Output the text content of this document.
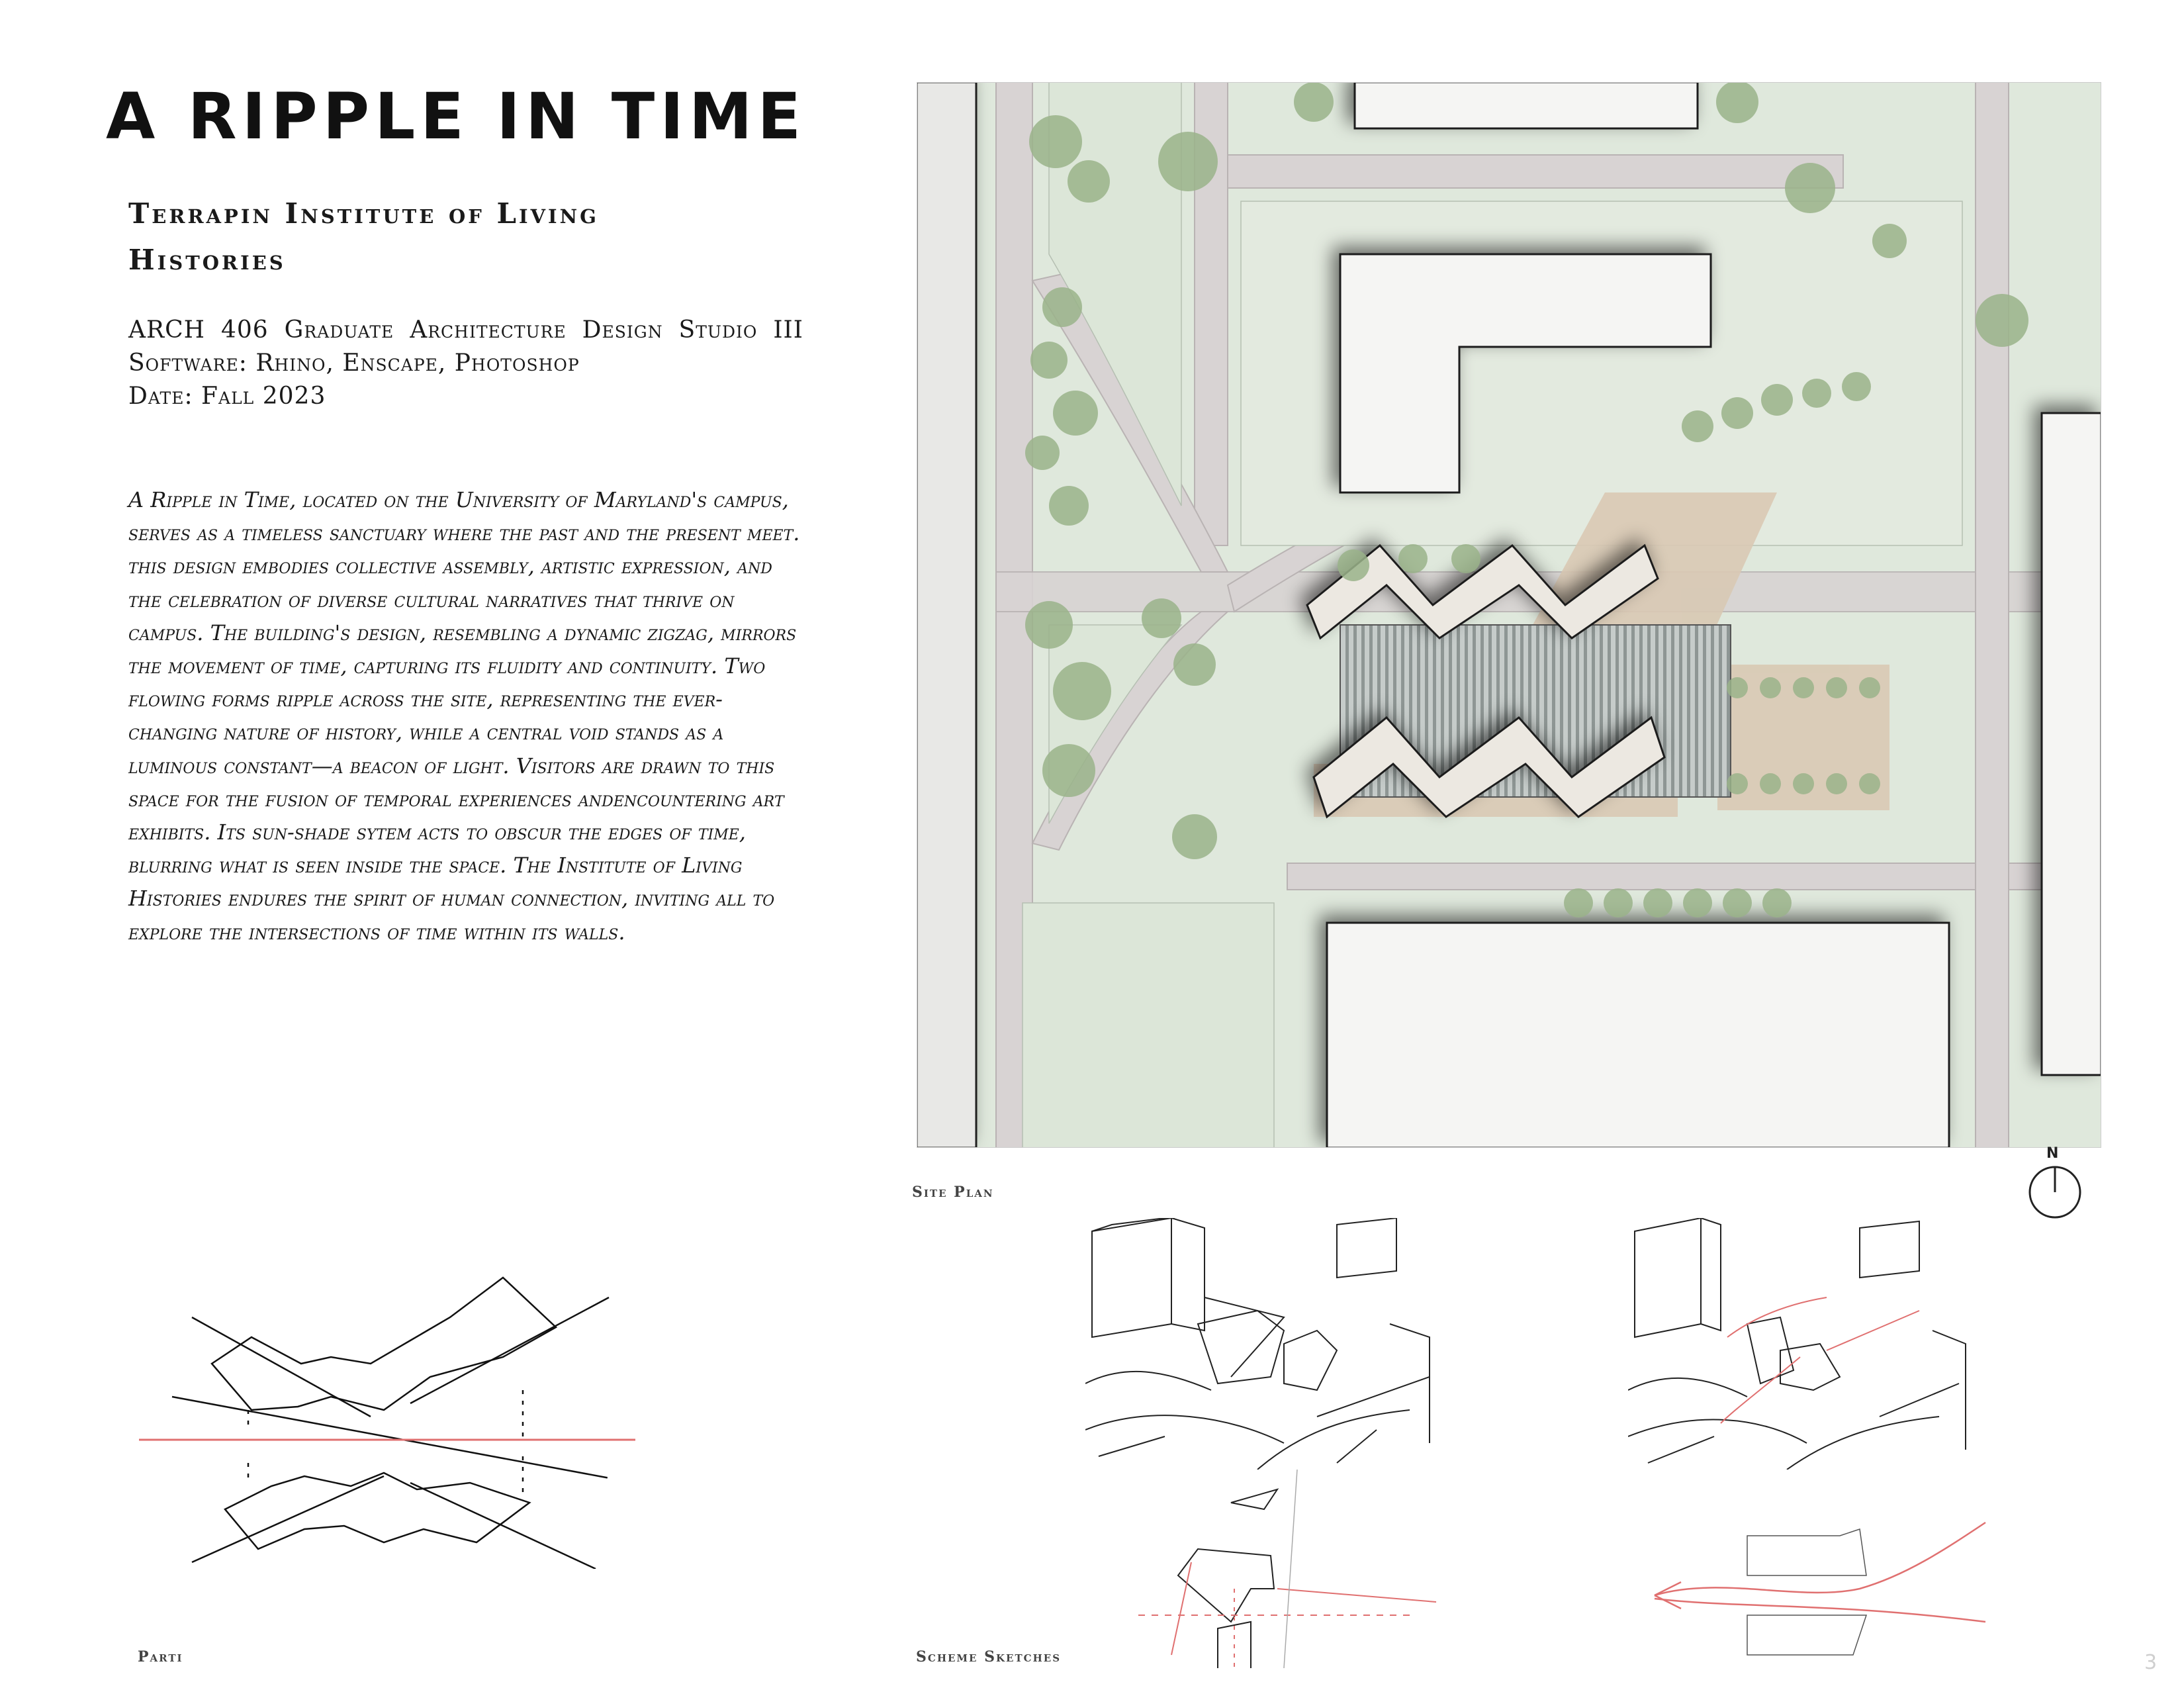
A RIPPLE IN TIME
Terrapin Institute of Living
Histories
ARCH 406 Graduate Architecture Design Studio III
Software: Rhino, Enscape, Photoshop
Date: Fall 2023
A Ripple in Time, located on the University of Maryland's campus, serves as a timeless sanctuary where the past and the present meet. this design embodies collective assembly, artistic expression, and the celebration of diverse cultural narratives that thrive on campus. The building's design, resembling a dynamic zigzag, mirrors the movement of time, capturing its fluidity and continuity. Two flowing forms ripple across the site, representing the ever-changing nature of history, while a central void stands as a luminous constant—a beacon of light. Visitors are drawn to this space for the fusion of temporal experiences andencountering art exhibits. Its sun-shade sytem acts to obscur the edges of time, blurring what is seen inside the space. The Institute of Living Histories endures the spirit of human connection, inviting all to explore the intersections of time within its walls.
Site Plan
N
Parti	Scheme Sketches	3
